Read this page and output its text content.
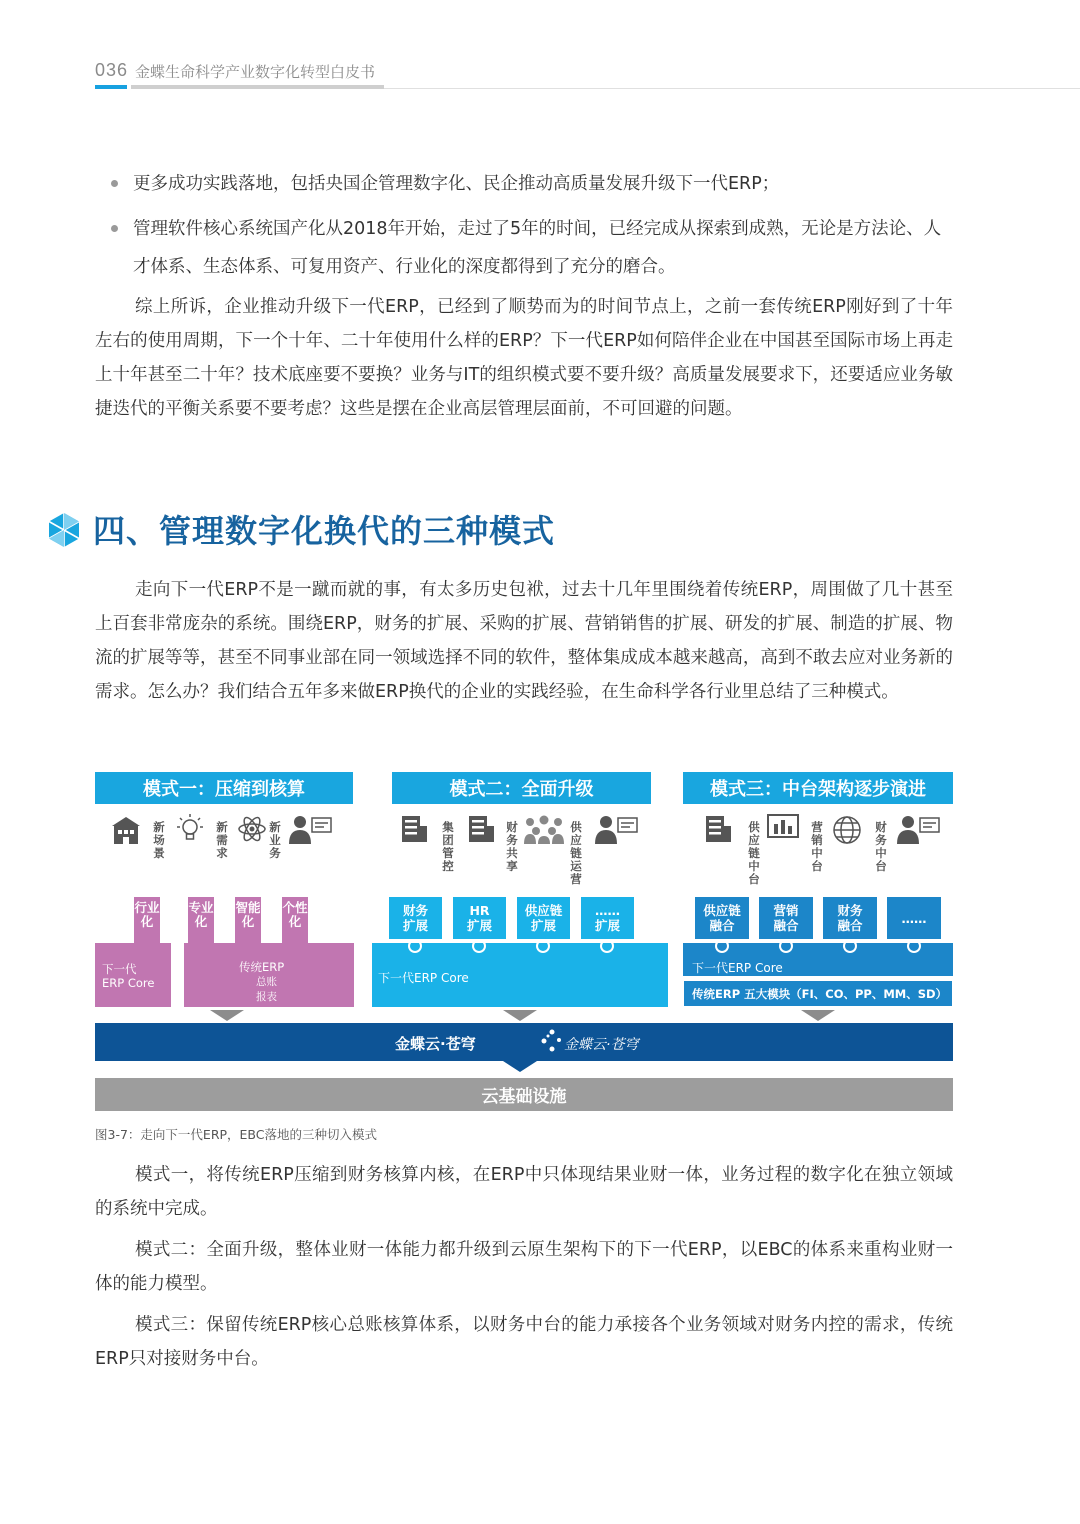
036 金蝶生命科学产业数字化转型白皮书
更多成功实践落地，包括央国企管理数字化、民企推动高质量发展升级下一代ERP；
管理软件核心系统国产化从2018年开始，走过了5年的时间，已经完成从探索到成熟，无论是方法论、人才体系、生态体系、可复用资产、行业化的深度都得到了充分的磨合。
综上所诉，企业推动升级下一代ERP，已经到了顺势而为的时间节点上，之前一套传统ERP刚好到了十年左右的使用周期，下一个十年、二十年使用什么样的ERP？下一代ERP如何陪伴企业在中国甚至国际市场上再走上十年甚至二十年？技术底座要不要换？业务与IT的组织模式要不要升级？高质量发展要求下，还要适应业务敏捷迭代的平衡关系要不要考虑？这些是摆在企业高层管理层面前，不可回避的问题。
四、管理数字化换代的三种模式
走向下一代ERP不是一蹴而就的事，有太多历史包袱，过去十几年里围绕着传统ERP，周围做了几十甚至上百套非常庞杂的系统。围绕ERP，财务的扩展、采购的扩展、营销销售的扩展、研发的扩展、制造的扩展、物流的扩展等等，甚至不同事业部在同一领域选择不同的软件，整体集成成本越来越高，高到不敢去应对业务新的需求。怎么办？我们结合五年多来做ERP换代的企业的实践经验，在生命科学各行业里总结了三种模式。
模式一：压缩到核算	模式二：全面升级	模式三：中台架构逐步演进
新场景
新需求
新业务
行业化
专业化
智能化
个性化
下一代
ERP Core
传统ERP
总账
报表
集团管控
财务共享
供应链运营
财务
扩展
HR
扩展
供应链
扩展
……
扩展
下一代ERP Core
供应链中台
营销中台
财务中台
供应链
融合
营销
融合
财务
融合	……
下一代ERP Core
传统ERP 五大模块（FI、CO、PP、MM、SD）
金蝶云·苍穹	金蝶云·苍穹
云基础设施
图3-7：走向下一代ERP，EBC落地的三种切入模式
模式一，将传统ERP压缩到财务核算内核，在ERP中只体现结果业财一体，业务过程的数字化在独立领域的系统中完成。
模式二：全面升级，整体业财一体能力都升级到云原生架构下的下一代ERP，以EBC的体系来重构业财一体的能力模型。
模式三：保留传统ERP核心总账核算体系，以财务中台的能力承接各个业务领域对财务内控的需求，传统ERP只对接财务中台。
